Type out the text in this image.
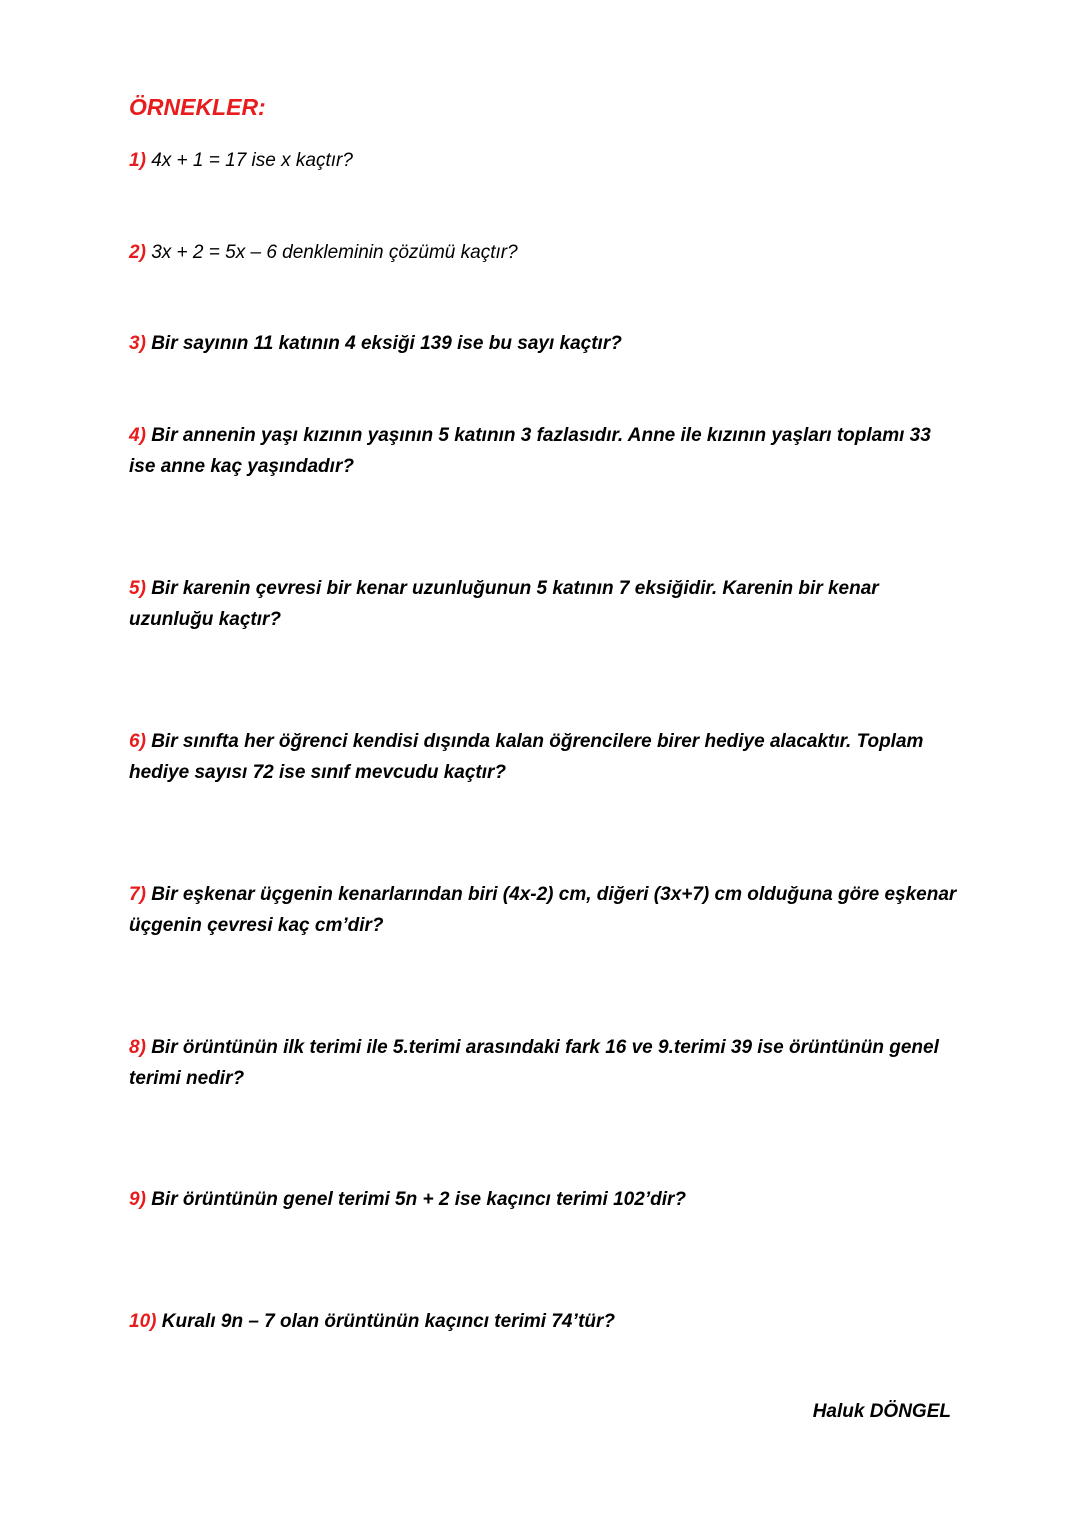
ÖRNEKLER:

1) 4x + 1 = 17 ise x kaçtır?

2) 3x + 2 = 5x – 6 denkleminin çözümü kaçtır?

3) Bir sayının 11 katının 4 eksiği 139 ise bu sayı kaçtır?

4) Bir annenin yaşı kızının yaşının 5 katının 3 fazlasıdır. Anne ile kızının yaşları toplamı 33 ise anne kaç yaşındadır?

5) Bir karenin çevresi bir kenar uzunluğunun 5 katının 7 eksiğidir. Karenin bir kenar uzunluğu kaçtır?

6) Bir sınıfta her öğrenci kendisi dışında kalan öğrencilere birer hediye alacaktır. Toplam hediye sayısı 72 ise sınıf mevcudu kaçtır?

7) Bir eşkenar üçgenin kenarlarından biri (4x-2) cm, diğeri (3x+7) cm olduğuna göre eşkenar üçgenin çevresi kaç cm’dir?

8) Bir örüntünün ilk terimi ile 5.terimi arasındaki fark 16 ve 9.terimi 39 ise örüntünün genel terimi nedir?

9) Bir örüntünün genel terimi 5n + 2 ise kaçıncı terimi 102’dir?

10) Kuralı 9n – 7 olan örüntünün kaçıncı terimi 74’tür?

Haluk DÖNGEL
